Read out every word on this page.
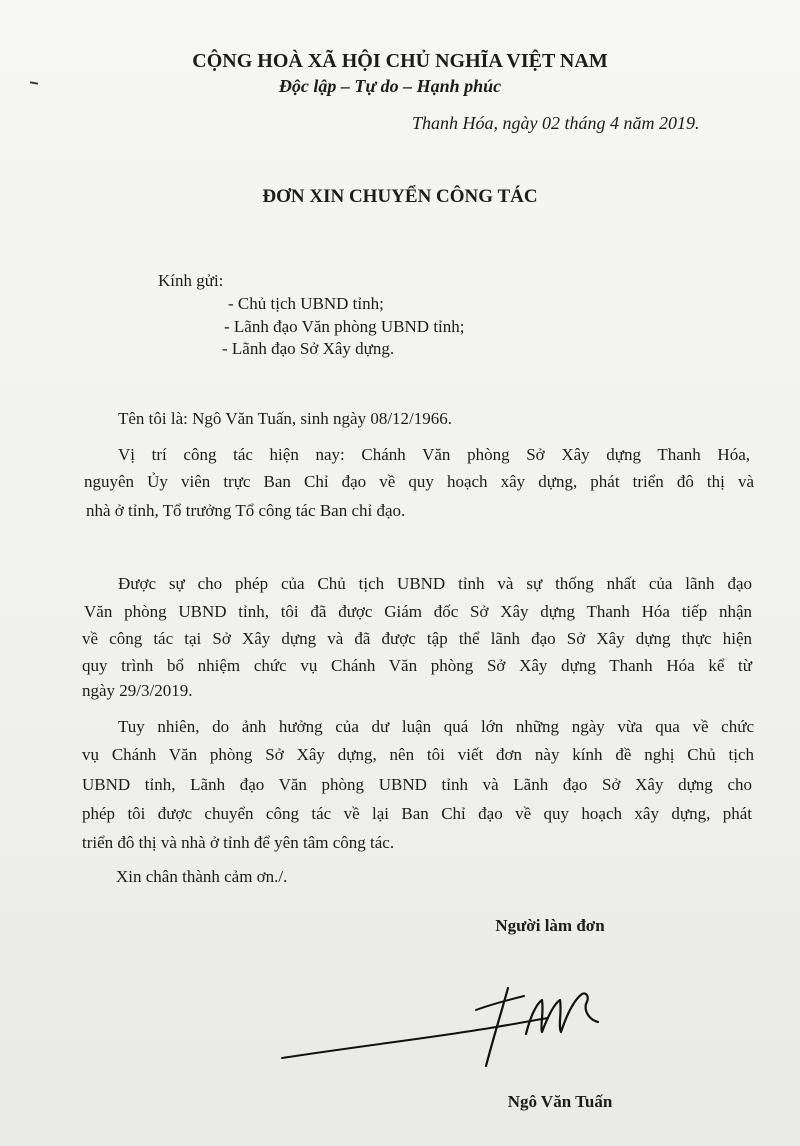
CỘNG HOÀ XÃ HỘI CHỦ NGHĨA VIỆT NAM
Độc lập – Tự do – Hạnh phúc
Thanh Hóa, ngày 02 tháng 4 năm 2019.
ĐƠN XIN CHUYỂN CÔNG TÁC
Kính gửi:
- Chủ tịch UBND tỉnh;
- Lãnh đạo Văn phòng UBND tỉnh;
- Lãnh đạo Sở Xây dựng.
Tên tôi là: Ngô Văn Tuấn, sinh ngày 08/12/1966.
Vị trí công tác hiện nay: Chánh Văn phòng Sở Xây dựng Thanh Hóa,
nguyên Ủy viên trực Ban Chỉ đạo về quy hoạch xây dựng, phát triển đô thị và
nhà ở tỉnh, Tổ trưởng Tổ công tác Ban chỉ đạo.
Được sự cho phép của Chủ tịch UBND tỉnh và sự thống nhất của lãnh đạo
Văn phòng UBND tỉnh, tôi đã được Giám đốc Sở Xây dựng Thanh Hóa tiếp nhận
về công tác tại Sở Xây dựng và đã được tập thể lãnh đạo Sở Xây dựng thực hiện
quy trình bổ nhiệm chức vụ Chánh Văn phòng Sở Xây dựng Thanh Hóa kể từ
ngày 29/3/2019.
Tuy nhiên, do ảnh hưởng của dư luận quá lớn những ngày vừa qua về chức
vụ Chánh Văn phòng Sở Xây dựng, nên tôi viết đơn này kính đề nghị Chủ tịch
UBND tỉnh, Lãnh đạo Văn phòng UBND tỉnh và Lãnh đạo Sở Xây dựng cho
phép tôi được chuyển công tác về lại Ban Chỉ đạo về quy hoạch xây dựng, phát
triển đô thị và nhà ở tỉnh để yên tâm công tác.
Xin chân thành cảm ơn./.
Người làm đơn
Ngô Văn Tuấn
